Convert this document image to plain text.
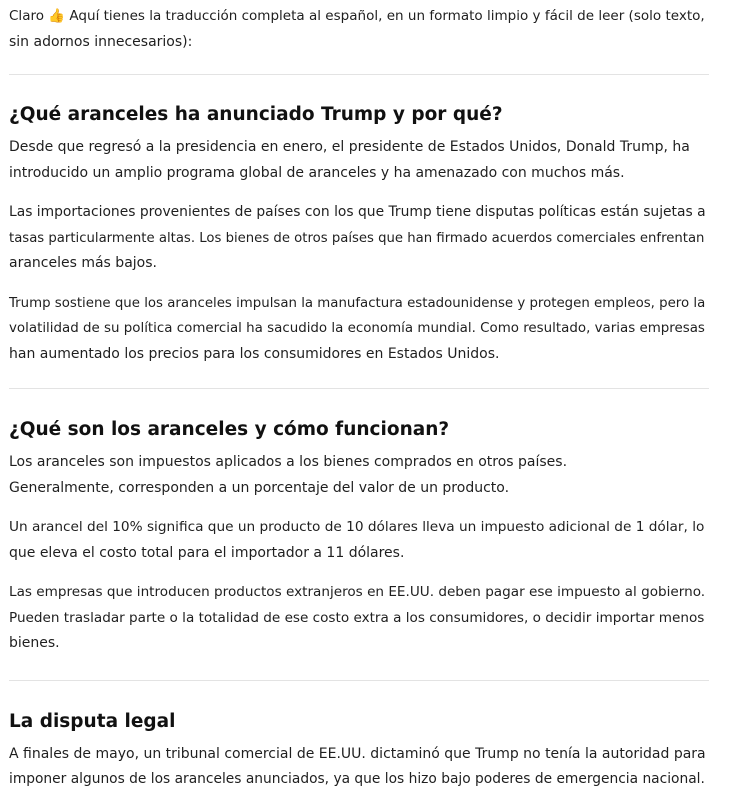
Claro 👍 Aquí tienes la traducción completa al español, en un formato limpio y fácil de leer (solo texto,
sin adornos innecesarios):

¿Qué aranceles ha anunciado Trump y por qué?

Desde que regresó a la presidencia en enero, el presidente de Estados Unidos, Donald Trump, ha
introducido un amplio programa global de aranceles y ha amenazado con muchos más.

Las importaciones provenientes de países con los que Trump tiene disputas políticas están sujetas a
tasas particularmente altas. Los bienes de otros países que han firmado acuerdos comerciales enfrentan
aranceles más bajos.

Trump sostiene que los aranceles impulsan la manufactura estadounidense y protegen empleos, pero la
volatilidad de su política comercial ha sacudido la economía mundial. Como resultado, varias empresas
han aumentado los precios para los consumidores en Estados Unidos.

¿Qué son los aranceles y cómo funcionan?

Los aranceles son impuestos aplicados a los bienes comprados en otros países.
Generalmente, corresponden a un porcentaje del valor de un producto.

Un arancel del 10% significa que un producto de 10 dólares lleva un impuesto adicional de 1 dólar, lo
que eleva el costo total para el importador a 11 dólares.

Las empresas que introducen productos extranjeros en EE.UU. deben pagar ese impuesto al gobierno.
Pueden trasladar parte o la totalidad de ese costo extra a los consumidores, o decidir importar menos
bienes.

La disputa legal

A finales de mayo, un tribunal comercial de EE.UU. dictaminó que Trump no tenía la autoridad para
imponer algunos de los aranceles anunciados, ya que los hizo bajo poderes de emergencia nacional.
